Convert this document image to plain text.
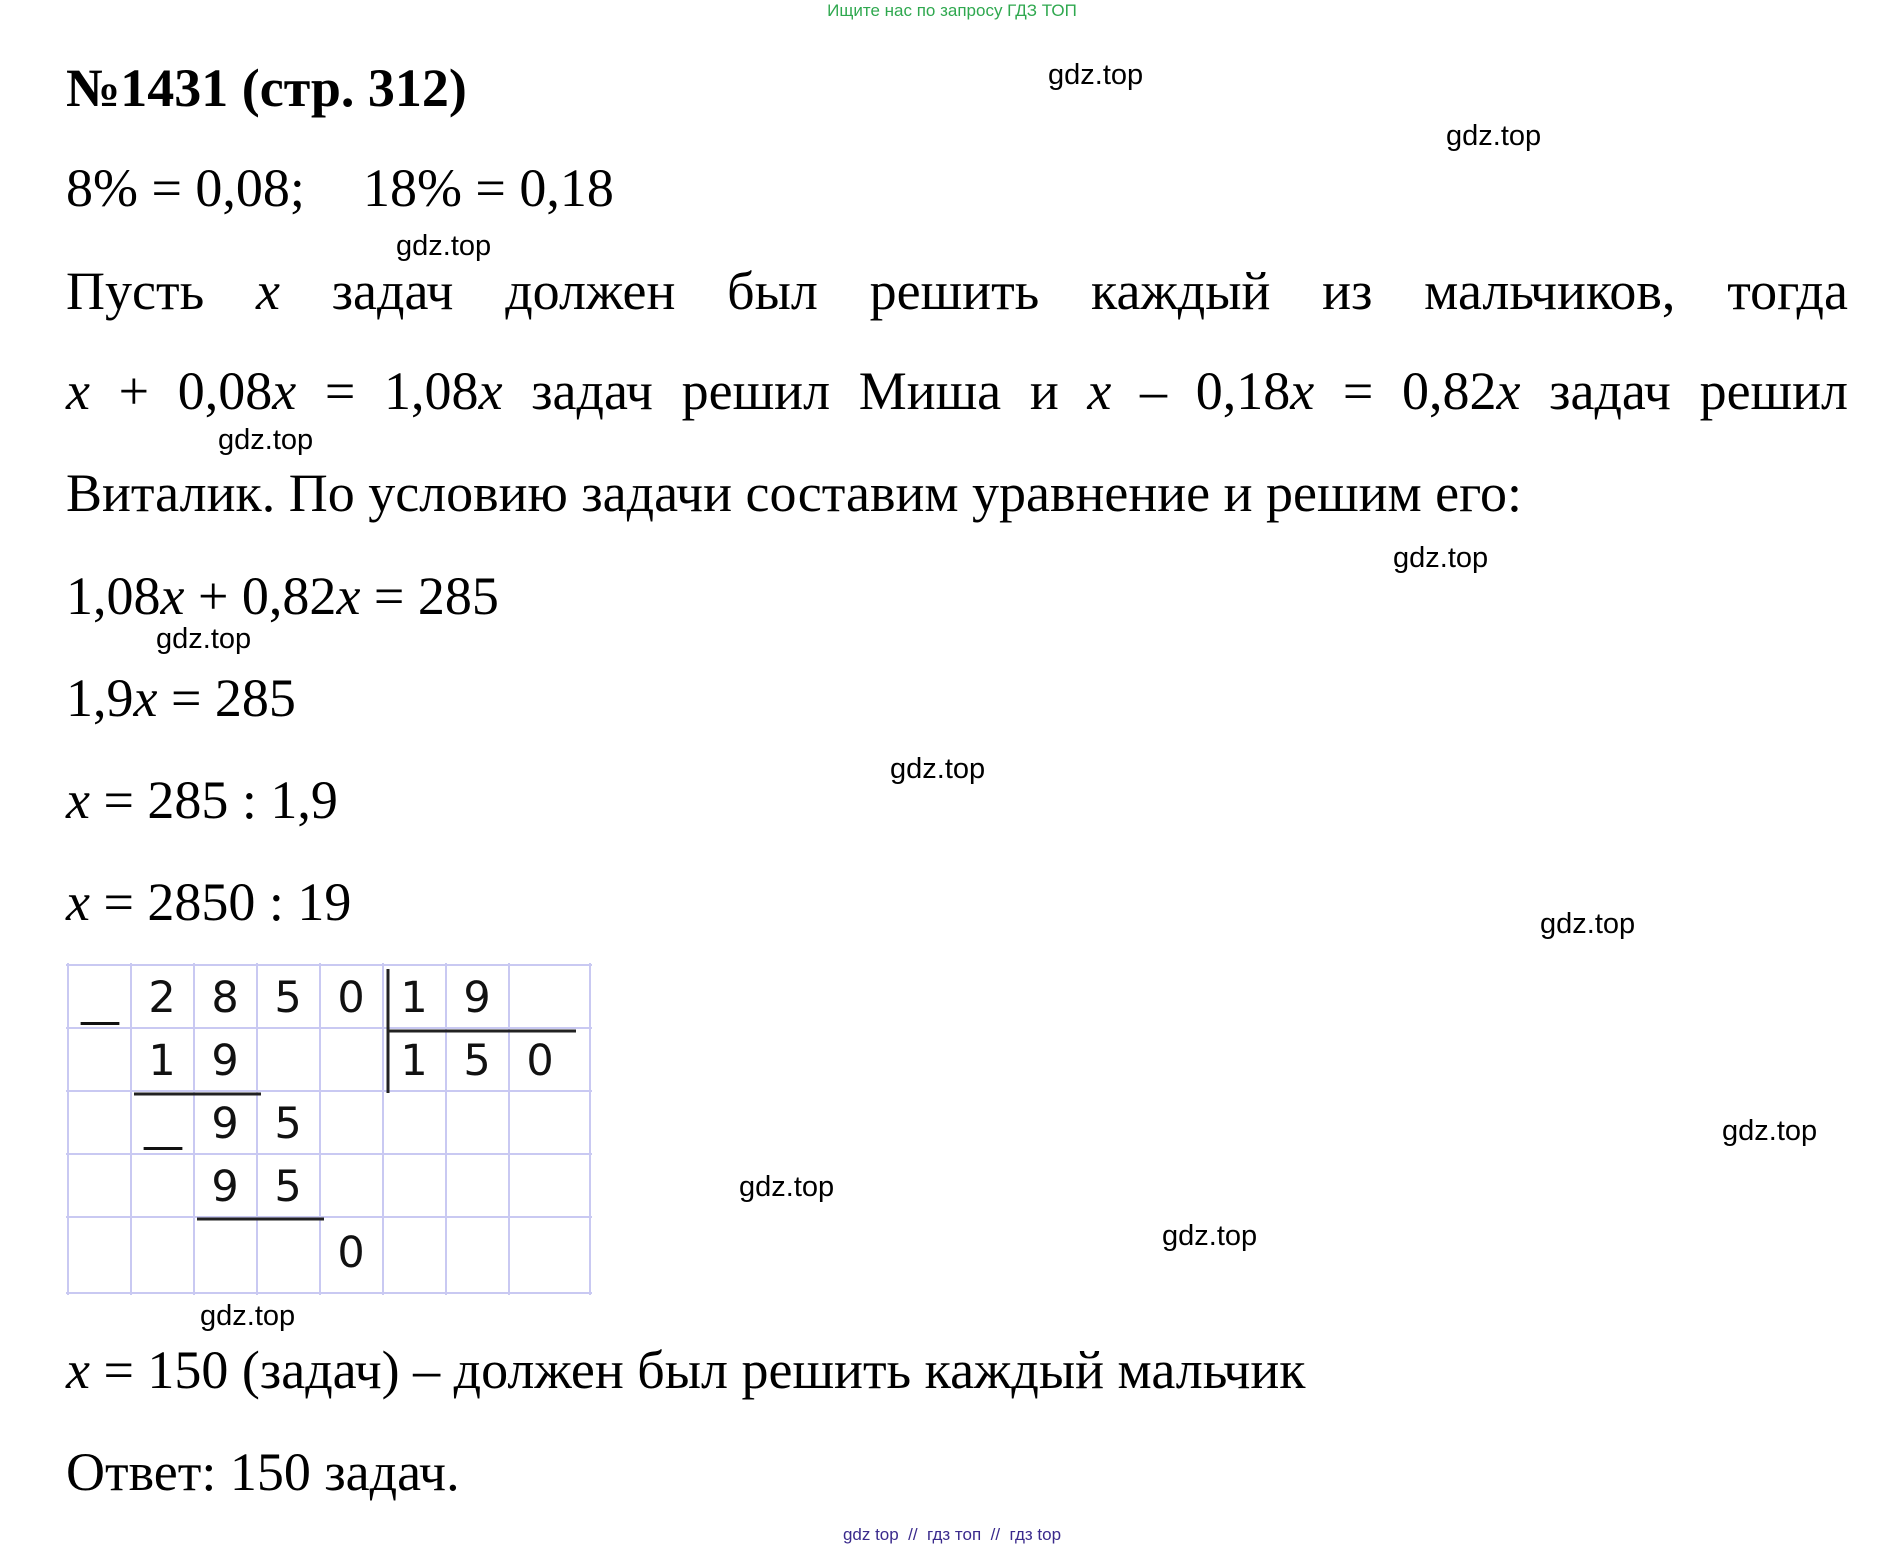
Ищите нас по запросу ГДЗ ТОП
№1431 (стр. 312)
8% = 0,08; 18% = 0,18
Пусть x задач должен был решить каждый из мальчиков, тогда
x + 0,08x = 1,08x задач решил Миша и x – 0,18x = 0,82x задач решил
Виталик. По условию задачи составим уравнение и решим его:
1,08x + 0,82x = 285
1,9x = 285
x = 285 : 1,9
x = 2850 : 19
2 8 5 0 1 9
1 9	1 5 0
9 5
9 5
0
—
—
x = 150 (задач) – должен был решить каждый мальчик
Ответ: 150 задач.
gdz.top
gdz.top
gdz.top
gdz.top
gdz.top
gdz.top
gdz.top
gdz.top
gdz.top
gdz.top
gdz.top
gdz.top
gdz top  //  гдз топ  //  гдз top
